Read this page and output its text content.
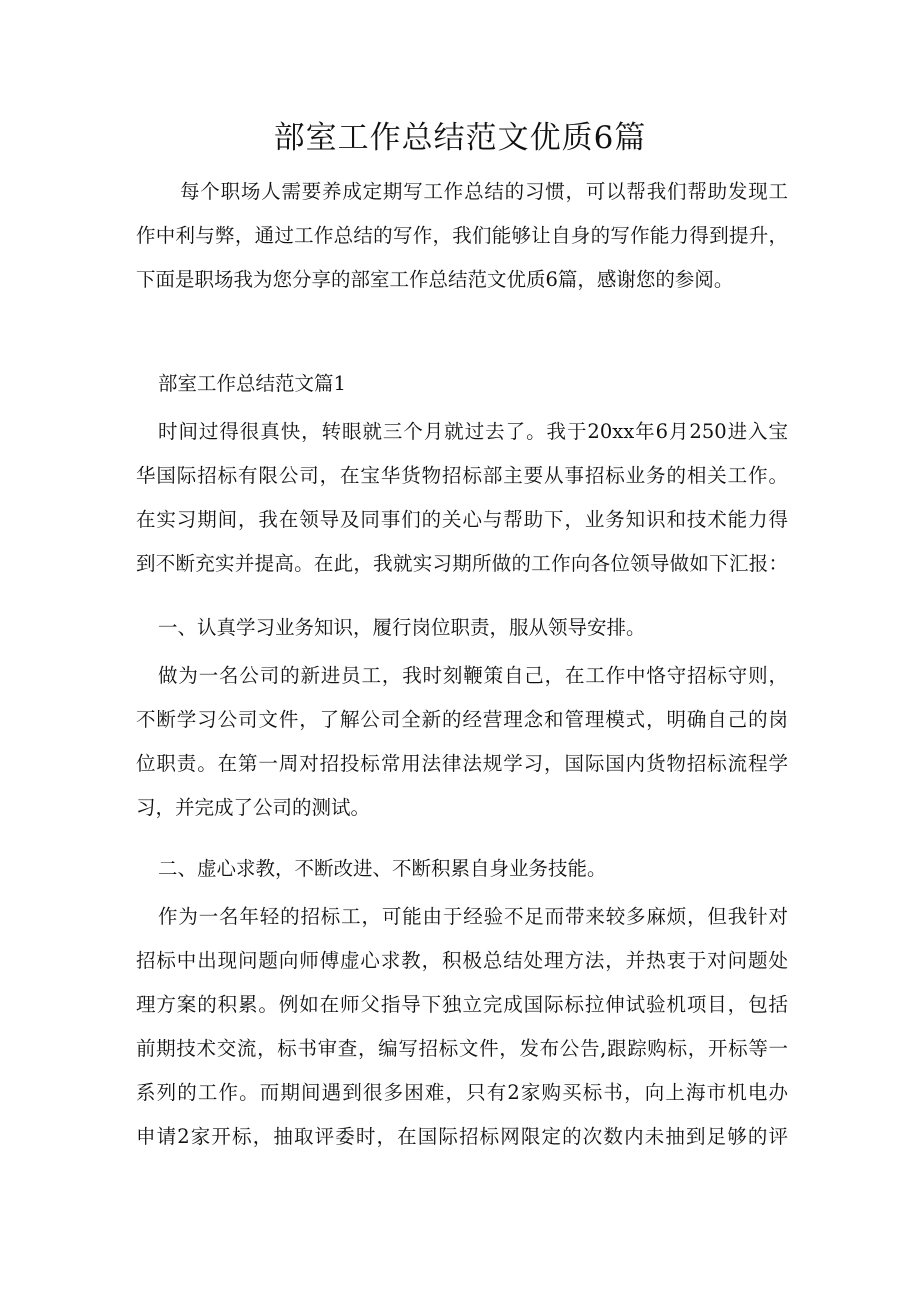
部室工作总结范文优质6篇
每个职场人需要养成定期写工作总结的习惯，可以帮我们帮助发现工
作中利与弊，通过工作总结的写作，我们能够让自身的写作能力得到提升，
下面是职场我为您分享的部室工作总结范文优质6篇，感谢您的参阅。
部室工作总结范文篇1
时间过得很真快，转眼就三个月就过去了。我于20xx年6月250进入宝
华国际招标有限公司，在宝华货物招标部主要从事招标业务的相关工作。
在实习期间，我在领导及同事们的关心与帮助下，业务知识和技术能力得
到不断充实并提高。在此，我就实习期所做的工作向各位领导做如下汇报：
一、认真学习业务知识，履行岗位职责，服从领导安排。
做为一名公司的新进员工，我时刻鞭策自己，在工作中恪守招标守则，
不断学习公司文件，了解公司全新的经营理念和管理模式，明确自己的岗
位职责。在第一周对招投标常用法律法规学习，国际国内货物招标流程学
习，并完成了公司的测试。
二、虚心求教，不断改进、不断积累自身业务技能。
作为一名年轻的招标工，可能由于经验不足而带来较多麻烦，但我针对
招标中出现问题向师傅虚心求教，积极总结处理方法，并热衷于对问题处
理方案的积累。例如在师父指导下独立完成国际标拉伸试验机项目，包括
前期技术交流，标书审查，编写招标文件，发布公告,跟踪购标，开标等一
系列的工作。而期间遇到很多困难，只有2家购买标书，向上海市机电办
申请2家开标，抽取评委时，在国际招标网限定的次数内未抽到足够的评
